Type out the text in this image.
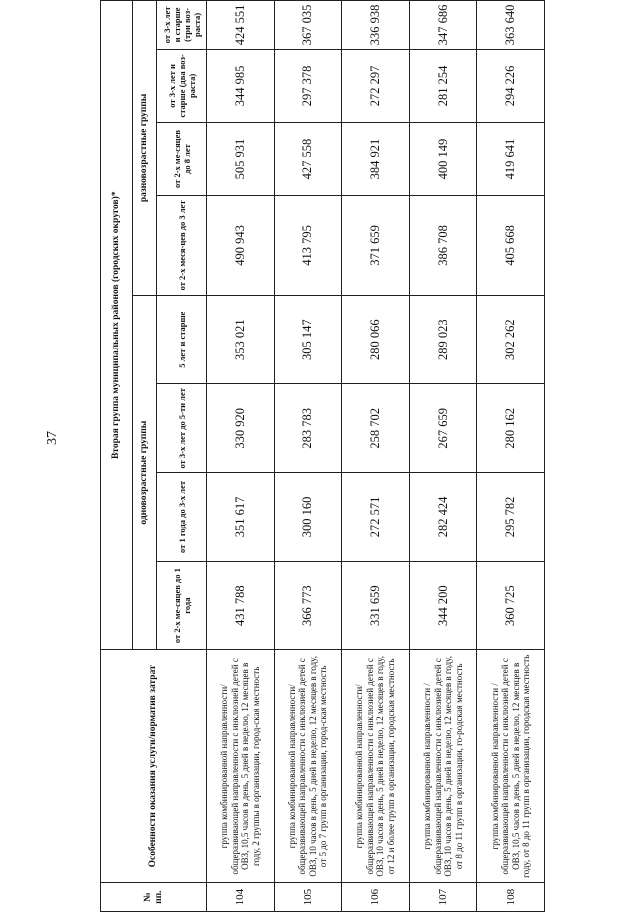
37
№ пп.	Особенности оказания услуги/норматив затрат	Вторая группа муниципальных районов (городских округов)*							
		одновозрастные группы				разновозрастные группы			
		от 2-х ме-сяцев до 1 года	от 1 года до 3-х лет	от 3-х лет до 5-ти лет	5 лет и старше	от 2-х меся-цев до 3 лет	от 2-х ме-сяцев до 8 лет	от 3-х лет и старше (два воз-раста)	от 3-х лет и старше (три воз-раста)
104	группа комбинированной направленности/ общеразвивающей направленности с инклюзией детей с ОВЗ, 10,5 часов в день, 5 дней в неделю, 12 месяцев в году, 2 группы в организации, город-ская местность	431 788	351 617	330 920	353 021	490 943	505 931	344 985	424 551
105	группа комбинированной направленности/ общеразвивающей направленности с инклюзией детей с ОВЗ, 10 часов в день, 5 дней в неделю, 12 месяцев в году, от 5 до 7 групп в организации, город-ская местность	366 773	300 160	283 783	305 147	413 795	427 558	297 378	367 035
106	группа комбинированной направленности/ общеразвивающей направленности с инклюзией детей с ОВЗ, 10 часов в день, 5 дней в неделю, 12 месяцев в году, от 12 и более групп в организации, городская местность	331 659	272 571	258 702	280 066	371 659	384 921	272 297	336 938
107	группа комбинированной направленности / общеразвивающей направленности с инклюзией детей с ОВЗ, 10 часов в день, 5 дней в неделю, 12 месяцев в году, от 8 до 11 групп в организации, го-родская местность	344 200	282 424	267 659	289 023	386 708	400 149	281 254	347 686
108	группа комбинированной направленности / общеразвивающей направленности с инклюзией детей с ОВЗ, 10,5 часов в день, 5 дней в неделю, 12 месяцев в году, от 8 до 11 групп в организации, городская местность	360 725	295 782	280 162	302 262	405 668	419 641	294 226	363 640
